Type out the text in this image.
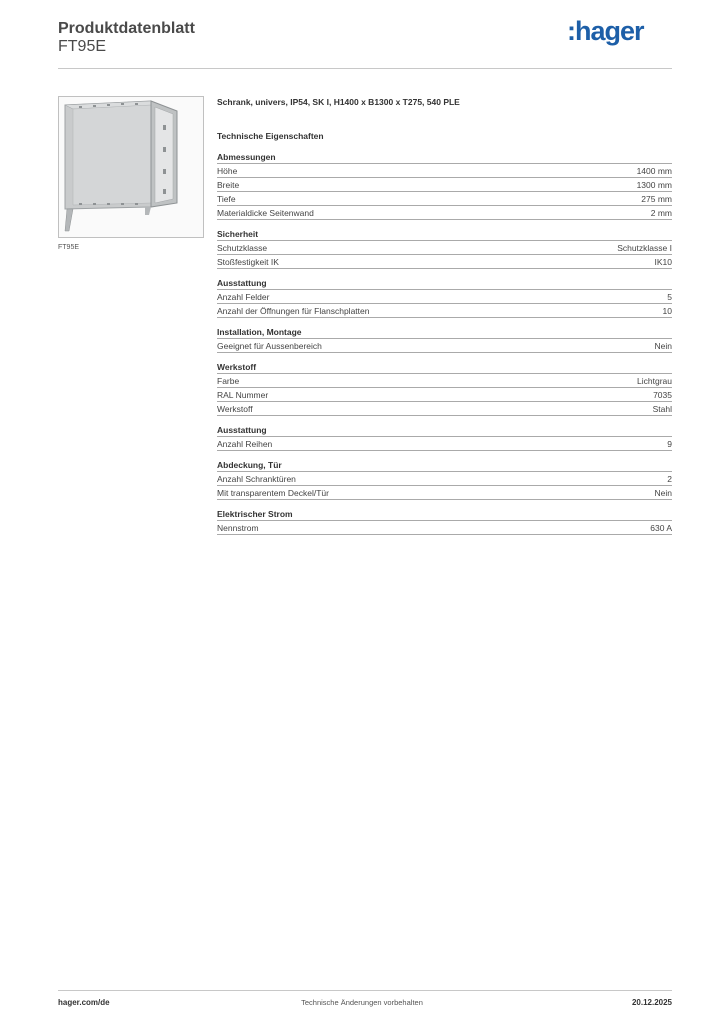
Produktdatenblatt
FT95E
:hager
FT95E
Schrank, univers, IP54, SK I, H1400 x B1300 x T275, 540 PLE
Technische Eigenschaften
Abmessungen
Höhe	1400 mm
Breite	1300 mm
Tiefe	275 mm
Materialdicke Seitenwand	2 mm
Sicherheit
Schutzklasse	Schutzklasse I
Stoßfestigkeit IK	IK10
Ausstattung
Anzahl Felder	5
Anzahl der Öffnungen für Flanschplatten	10
Installation, Montage
Geeignet für Aussenbereich	Nein
Werkstoff
Farbe	Lichtgrau
RAL Nummer	7035
Werkstoff	Stahl
Ausstattung
Anzahl Reihen	9
Abdeckung, Tür
Anzahl Schranktüren	2
Mit transparentem Deckel/Tür	Nein
Elektrischer Strom
Nennstrom	630 A
hager.com/de	Technische Änderungen vorbehalten	20.12.2025
